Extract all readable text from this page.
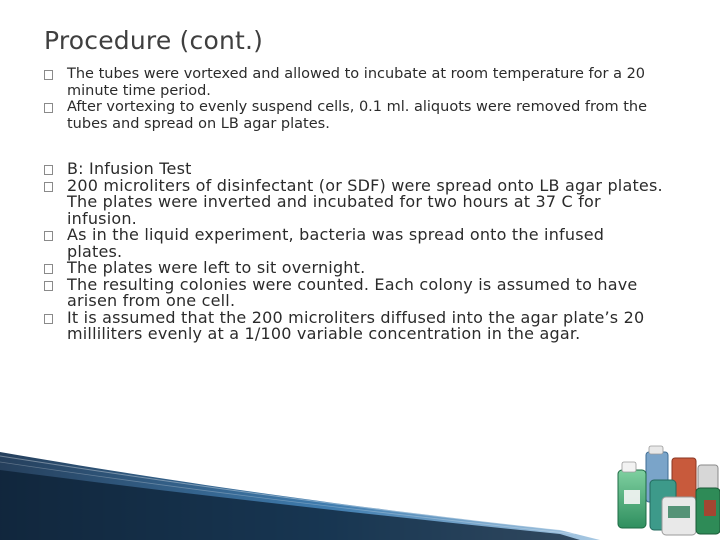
Procedure (cont.)
The tubes were vortexed and allowed to incubate at room temperature for a 20 minute time period.
After vortexing to evenly suspend cells, 0.1 ml. aliquots were removed from the tubes and spread on LB agar plates.
B: Infusion Test
200 microliters of disinfectant (or SDF) were spread onto LB agar plates. The plates were inverted and incubated for two hours at 37 C for infusion.
As in the liquid experiment, bacteria was spread onto the infused plates.
The plates were left to sit overnight.
The resulting colonies were counted. Each colony is assumed to have arisen from one cell.
It is assumed that the 200 microliters diffused into the agar plate’s 20 milliliters evenly at a 1/100 variable concentration in the agar.
